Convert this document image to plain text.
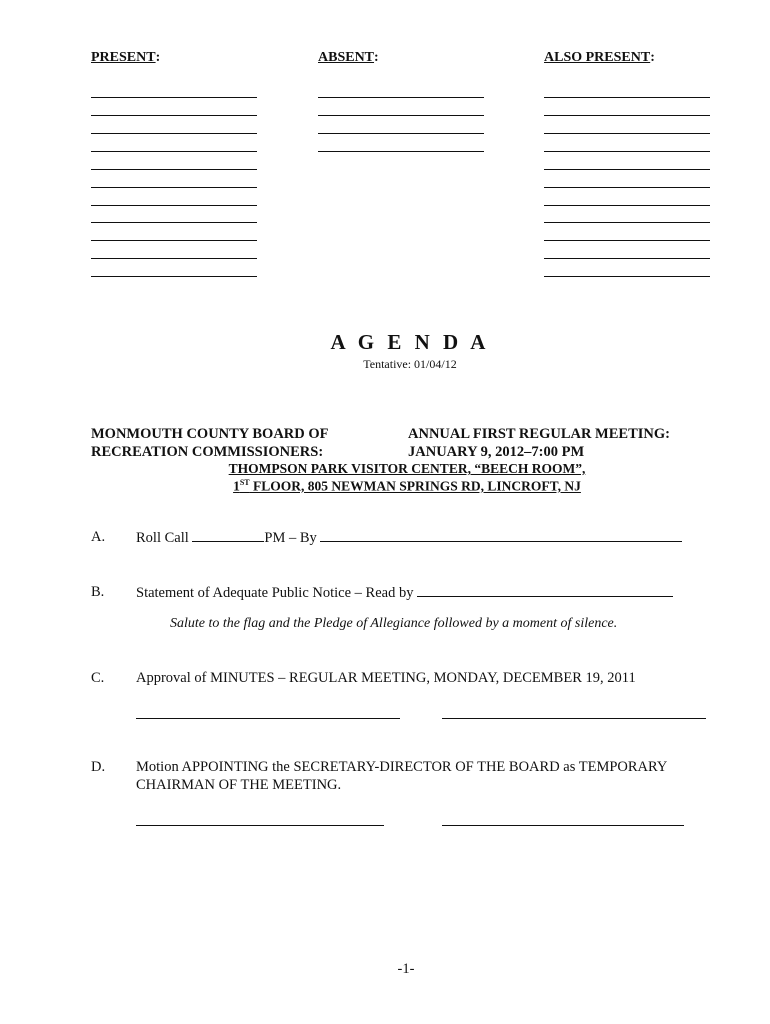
PRESENT:	ABSENT:	ALSO PRESENT:
A G E N D A
Tentative: 01/04/12
MONMOUTH COUNTY BOARD OF
RECREATION COMMISSIONERS:
ANNUAL FIRST REGULAR MEETING:
JANUARY 9, 2012–7:00 PM
THOMPSON PARK VISITOR CENTER, “BEECH ROOM”,
1ST FLOOR, 805 NEWMAN SPRINGS RD, LINCROFT, NJ
A. Roll Call	PM – By
B. Statement of Adequate Public Notice – Read by
Salute to the flag and the Pledge of Allegiance followed by a moment of silence.
C. Approval of MINUTES – REGULAR MEETING, MONDAY, DECEMBER 19, 2011
D. Motion APPOINTING the SECRETARY-DIRECTOR OF THE BOARD as TEMPORARY
CHAIRMAN OF THE MEETING.
-1-
